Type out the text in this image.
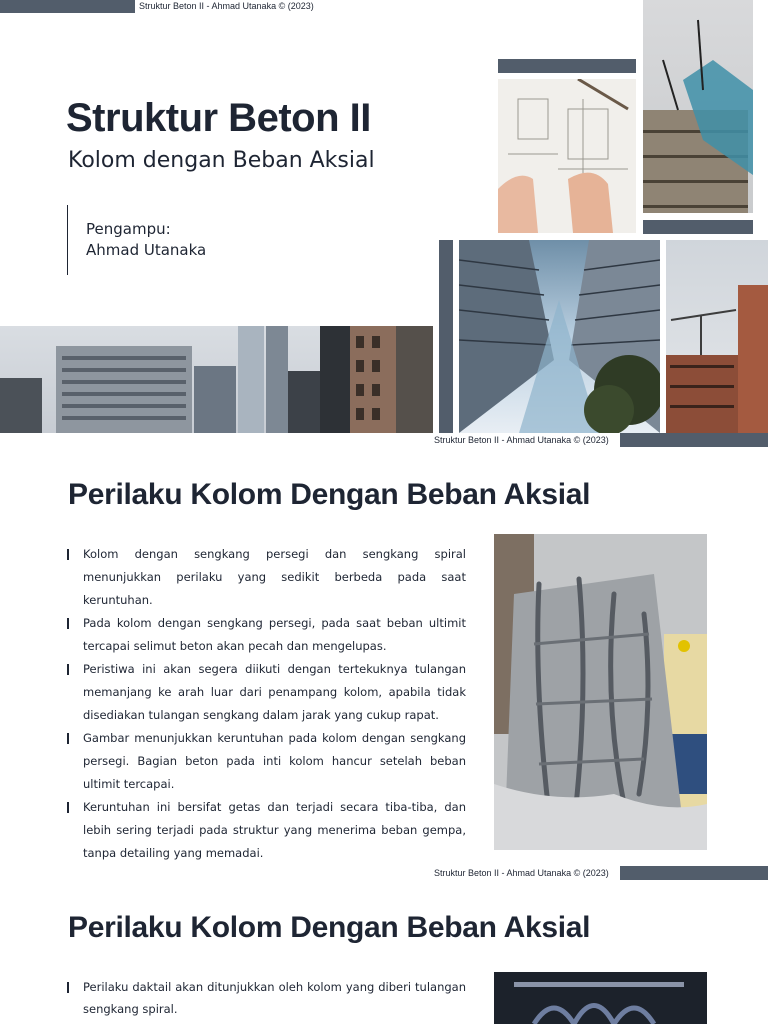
Struktur Beton II - Ahmad Utanaka © (2023)
Struktur Beton II
Kolom dengan Beban Aksial
Pengampu:
Ahmad Utanaka
Struktur Beton II - Ahmad Utanaka © (2023)
Perilaku Kolom Dengan Beban Aksial
Kolom dengan sengkang persegi dan sengkang spiral menunjukkan perilaku yang sedikit berbeda pada saat keruntuhan.
Pada kolom dengan sengkang persegi, pada saat beban ultimit tercapai selimut beton akan pecah dan mengelupas.
Peristiwa ini akan segera diikuti dengan tertekuknya tulangan memanjang ke arah luar dari penampang kolom, apabila tidak disediakan tulangan sengkang dalam jarak yang cukup rapat.
Gambar menunjukkan keruntuhan pada kolom dengan sengkang persegi. Bagian beton pada inti kolom hancur setelah beban ultimit tercapai.
Keruntuhan ini bersifat getas dan terjadi secara tiba-tiba, dan lebih sering terjadi pada struktur yang menerima beban gempa, tanpa detailing yang memadai.
Struktur Beton II - Ahmad Utanaka © (2023)
Perilaku Kolom Dengan Beban Aksial
Perilaku daktail akan ditunjukkan oleh kolom yang diberi tulangan sengkang spiral.
